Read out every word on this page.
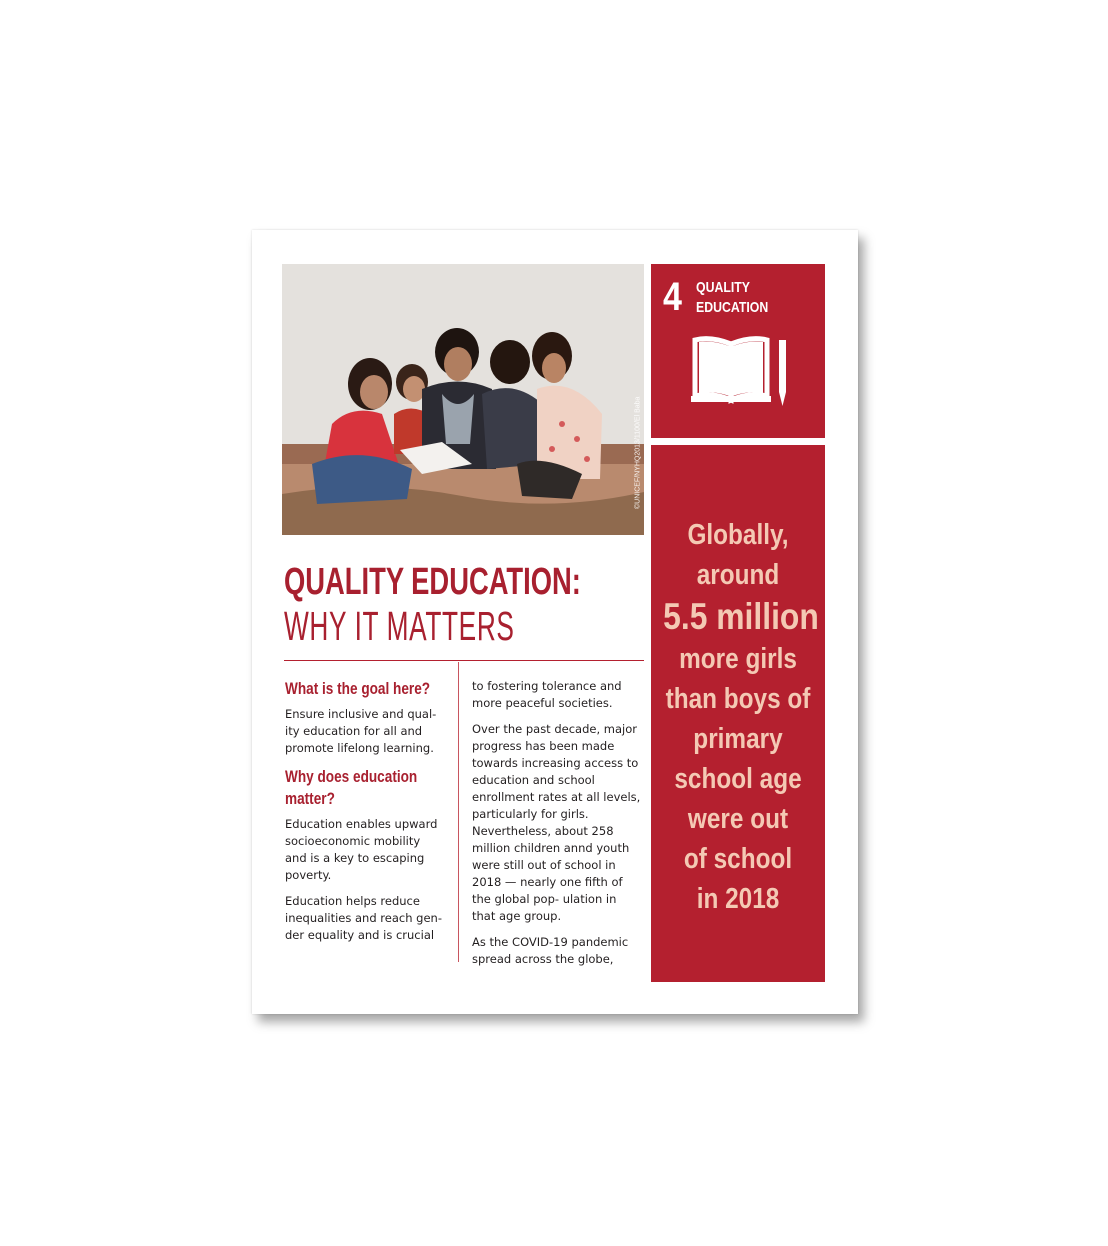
©UNICEF/NYHQ2013/1100/El Baba
4 QUALITY
EDUCATION
Globally,
around
5.5 million
more girls
than boys of
primary
school age
were out
of school
in 2018
QUALITY EDUCATION:
WHY IT MATTERS
What is the goal here?

Ensure inclusive and qual- ity education for all and promote lifelong learning.

Why does education matter?

Education enables upward socioeconomic mobility and is a key to escaping poverty.

Education helps reduce inequalities and reach gen- der equality and is crucial

to fostering tolerance and more peaceful societies.

Over the past decade, major progress has been made towards increasing access to education and school enrollment rates at all levels, particularly for girls. Nevertheless, about 258 million children annd youth were still out of school in 2018 — nearly one fifth of the global pop- ulation in that age group.

As the COVID-19 pandemic spread across the globe,
